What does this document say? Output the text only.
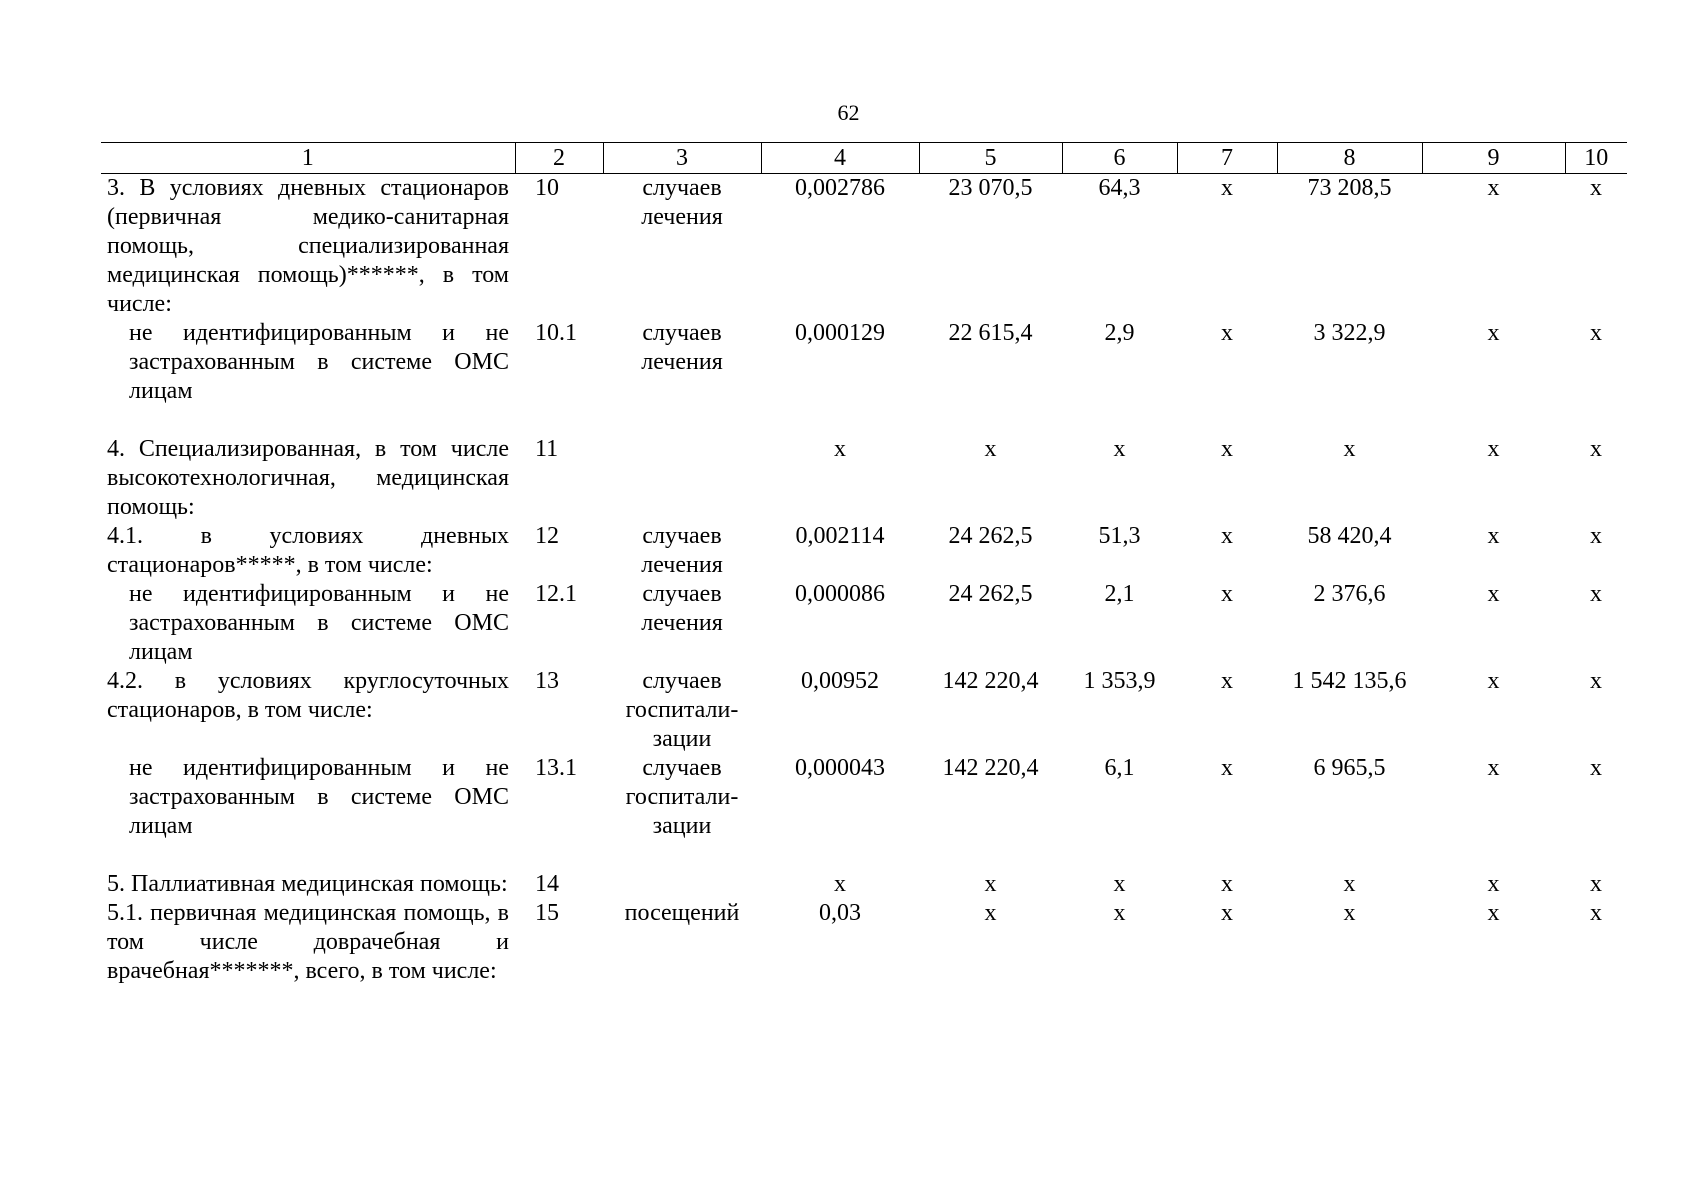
62
1	2	3	4	5	6	7	8	9	10
3. В условиях дневных стационаров (первичная медико-санитарная помощь, специализированная медицинская помощь)******, в том числе:	10	случаев лечения	0,002786	23 070,5	64,3	х	73 208,5	х	х
не идентифицированным и не застрахованным в системе ОМС лицам	10.1	случаев лечения	0,000129	22 615,4	2,9	х	3 322,9	х	х
4. Специализированная, в том числе высокотехнологичная, медицинская помощь:	11		х	х	х	х	х	х	х
4.1. в условиях дневных стационаров*****, в том числе:	12	случаев лечения	0,002114	24 262,5	51,3	х	58 420,4	х	х
не идентифицированным и не застрахованным в системе ОМС лицам	12.1	случаев лечения	0,000086	24 262,5	2,1	х	2 376,6	х	х
4.2. в условиях круглосуточных стационаров, в том числе:	13	случаев госпитали-зации	0,00952	142 220,4	1 353,9	х	1 542 135,6	х	х
не идентифицированным и не застрахованным в системе ОМС лицам	13.1	случаев госпитали-зации	0,000043	142 220,4	6,1	х	6 965,5	х	х
5. Паллиативная медицинская помощь:	14		х	х	х	х	х	х	х
5.1. первичная медицинская помощь, в том числе доврачебная и врачебная*******, всего, в том числе:	15	посещений	0,03	х	х	х	х	х	х
